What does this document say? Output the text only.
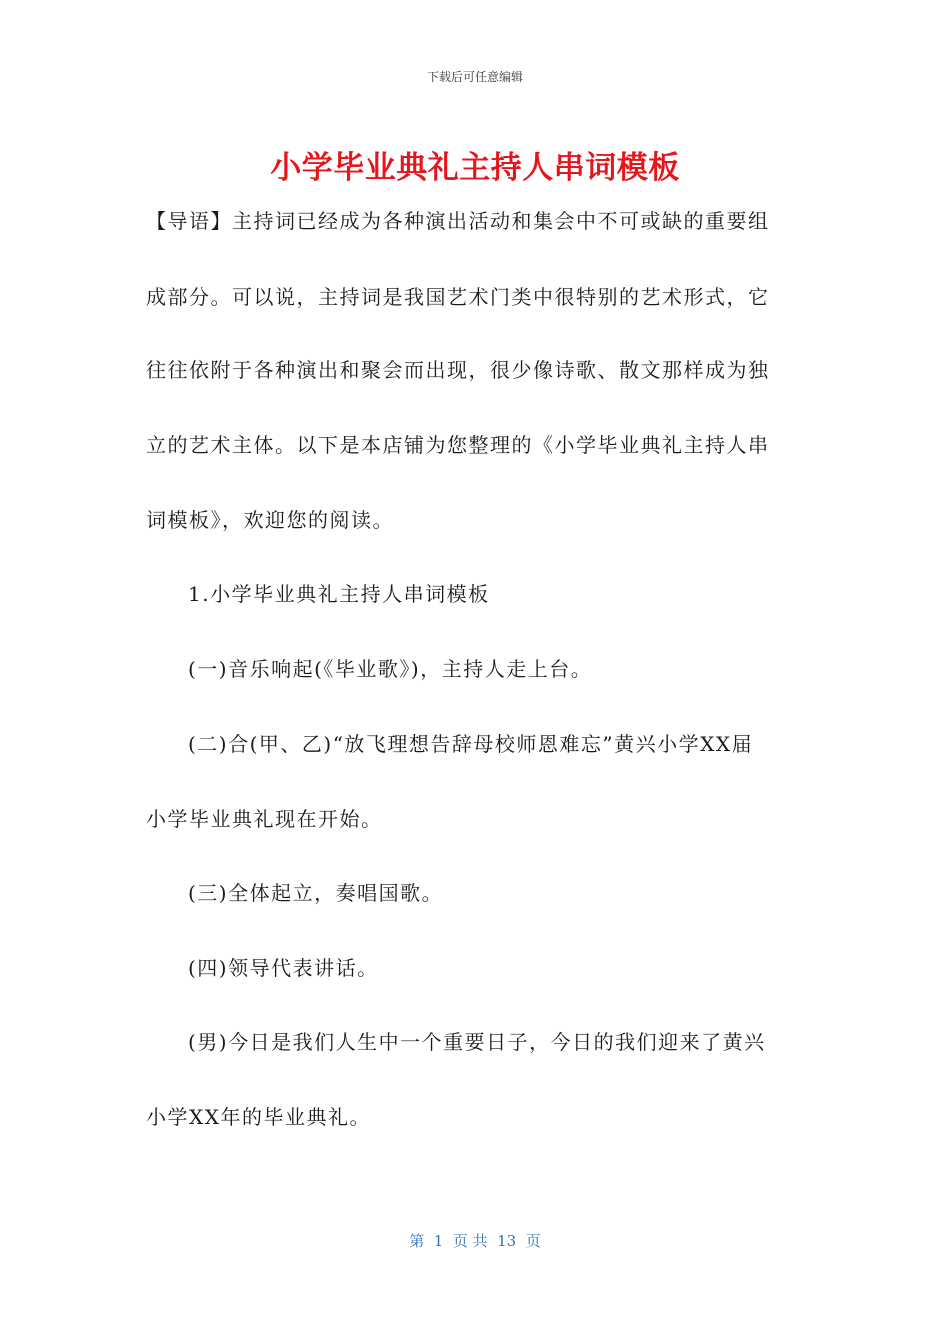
下载后可任意编辑
小学毕业典礼主持人串词模板
【导语】主持词已经成为各种演出活动和集会中不可或缺的重要组
成部分。可以说，主持词是我国艺术门类中很特别的艺术形式，它
往往依附于各种演出和聚会而出现，很少像诗歌、散文那样成为独
立的艺术主体。以下是本店铺为您整理的《小学毕业典礼主持人串
词模板》，欢迎您的阅读。
1.小学毕业典礼主持人串词模板
(一)音乐响起(《毕业歌》)，主持人走上台。
(二)合(甲、乙)“放飞理想告辞母校师恩难忘”黄兴小学XX届
小学毕业典礼现在开始。
(三)全体起立，奏唱国歌。
(四)领导代表讲话。
(男)今日是我们人生中一个重要日子，今日的我们迎来了黄兴
小学XX年的毕业典礼。
第  1  页 共  13  页
